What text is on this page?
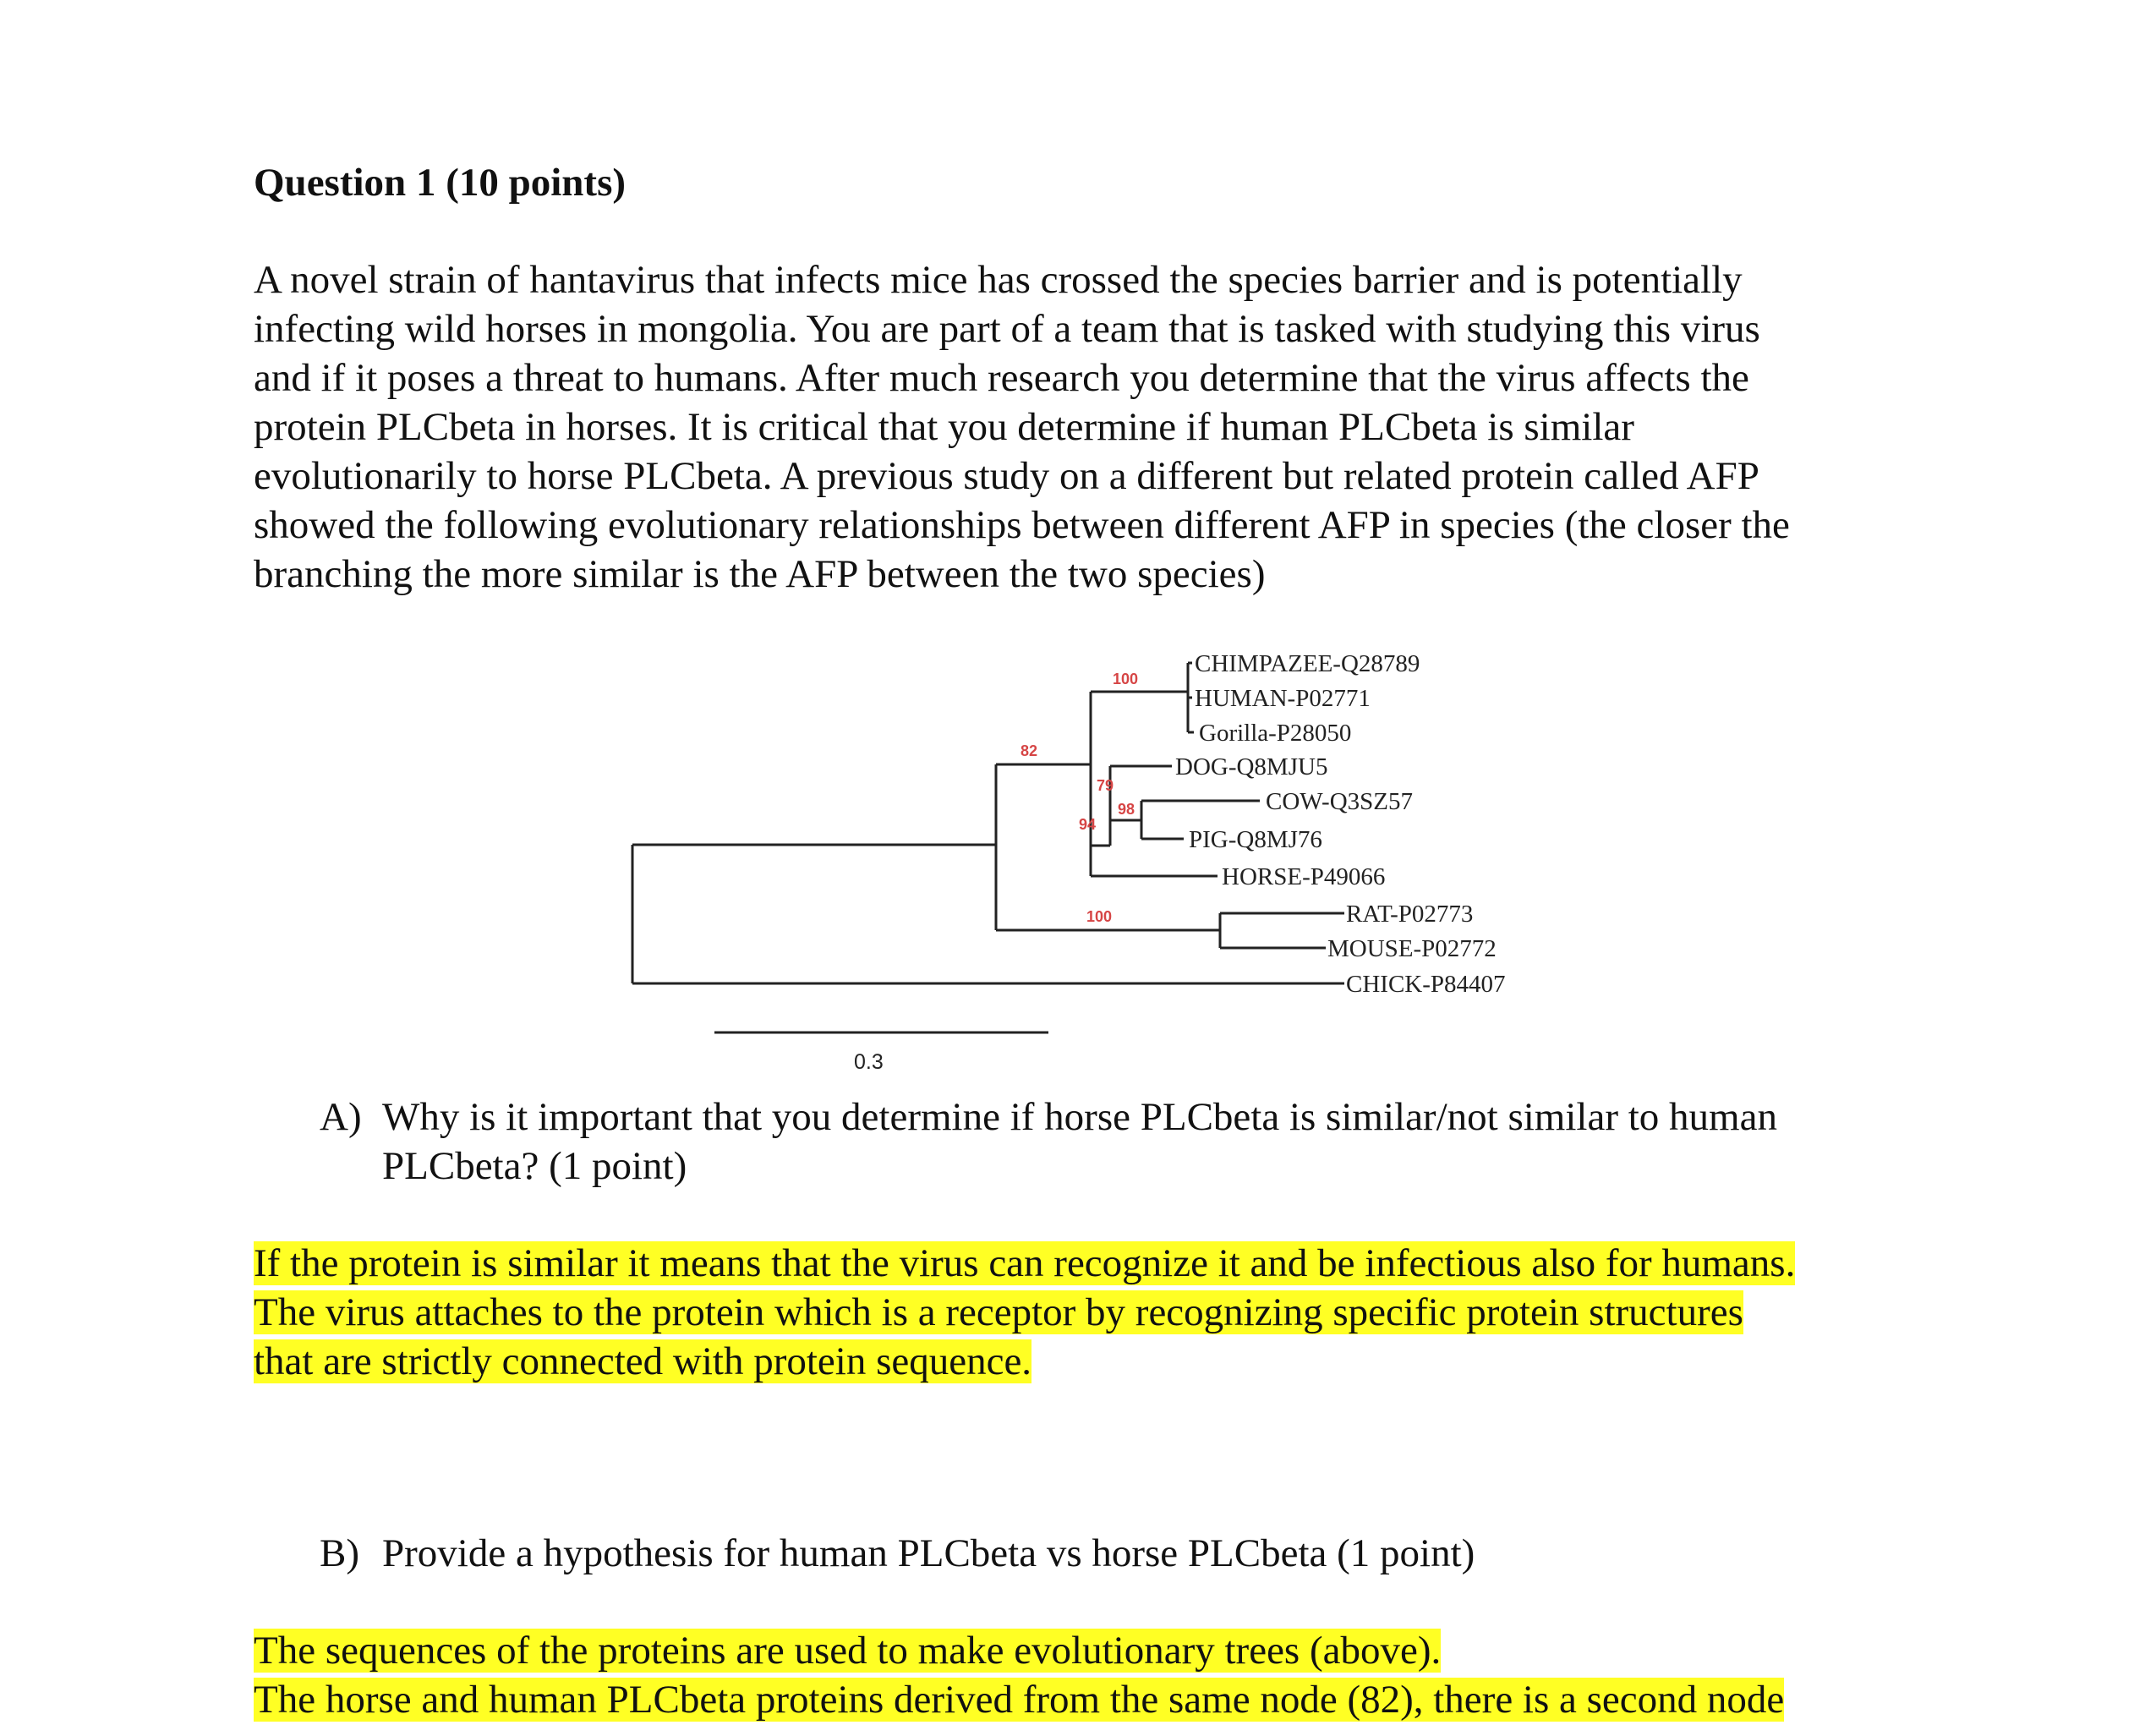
Question 1 (10 points)
A novel strain of hantavirus that infects mice has crossed the species barrier and is potentially
infecting wild horses in mongolia. You are part of a team that is tasked with studying this virus
and if it poses a threat to humans. After much research you determine that the virus affects the
protein PLCbeta in horses. It is critical that you determine if human PLCbeta is similar
evolutionarily to horse PLCbeta. A previous study on a different but related protein called AFP
showed the following evolutionary relationships between different AFP in species (the closer the
branching the more similar is the AFP between the two species)
CHIMPAZEE-Q28789
HUMAN-P02771
Gorilla-P28050
DOG-Q8MJU5
COW-Q3SZ57
PIG-Q8MJ76
HORSE-P49066
RAT-P02773
MOUSE-P02772
CHICK-P84407
100
82
79
98
94
100
0.3
A) Why is it important that you determine if horse PLCbeta is similar/not similar to human
PLCbeta? (1 point)
If the protein is similar it means that the virus can recognize it and be infectious also for humans.
The virus attaches to the protein which is a receptor by recognizing specific protein structures
that are strictly connected with protein sequence.
B) Provide a hypothesis for human PLCbeta vs horse PLCbeta (1 point)
The sequences of the proteins are used to make evolutionary trees (above).
The horse and human PLCbeta proteins derived from the same node (82), there is a second node
